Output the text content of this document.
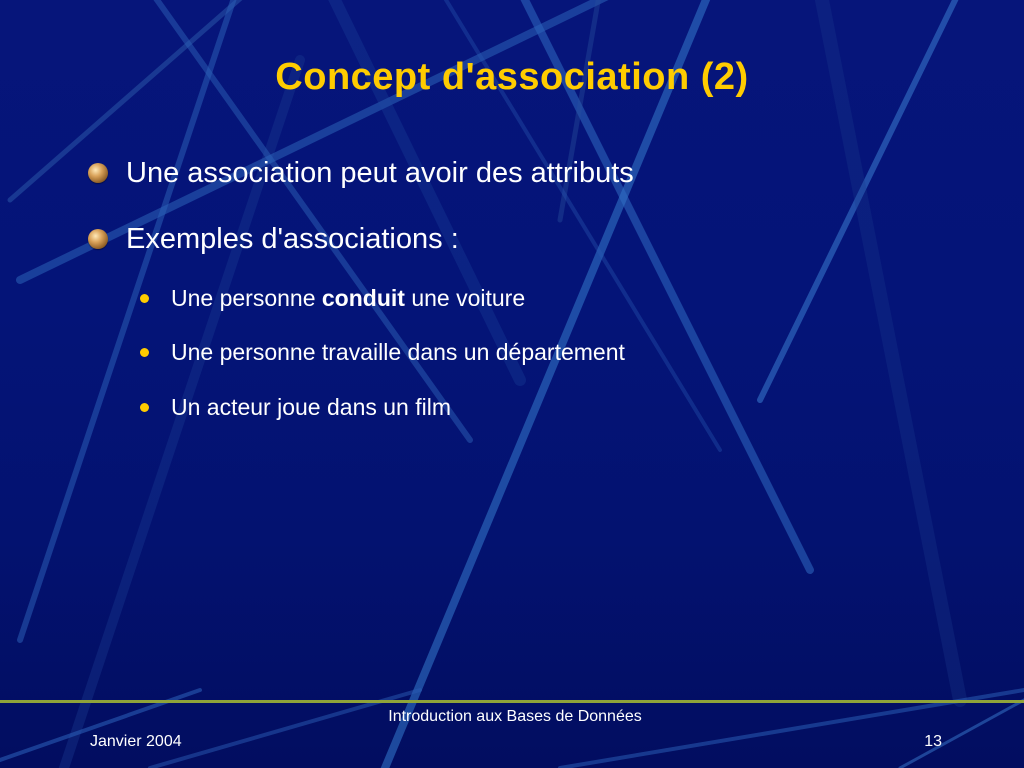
Concept d'association (2)
Une association peut avoir des attributs
Exemples d'associations :
Une personne conduit une voiture
Une personne travaille dans un département
Un acteur joue dans un film
Janvier 2004
Introduction aux Bases de Données
13
